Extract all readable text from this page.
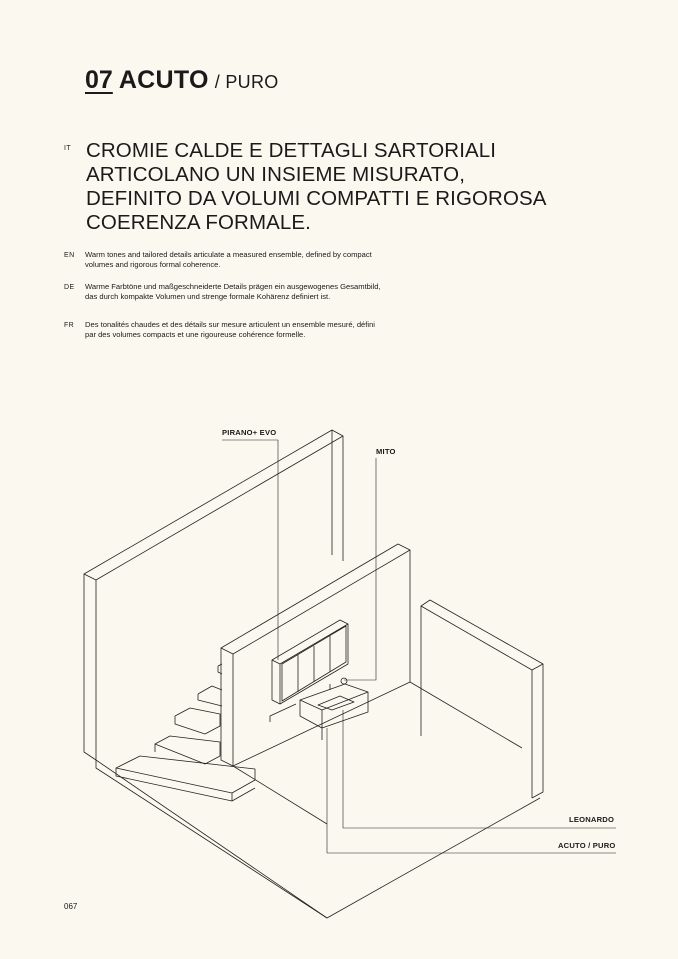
07 ACUTO / PURO
IT CROMIE CALDE E DETTAGLI SARTORIALI ARTICOLANO UN INSIEME MISURATO, DEFINITO DA VOLUMI COMPATTI E RIGOROSA COERENZA FORMALE.
EN Warm tones and tailored details articulate a measured ensemble, defined by compact volumes and rigorous formal coherence.
DE Warme Farbtöne und maßgeschneiderte Details prägen ein ausgewogenes Gesamtbild, das durch kompakte Volumen und strenge formale Kohärenz definiert ist.
FR Des tonalités chaudes et des détails sur mesure articulent un ensemble mesuré, défini par des volumes compacts et une rigoureuse cohérence formelle.
PIRANO+ EVO
MITO
LEONARDO
ACUTO / PURO
067
